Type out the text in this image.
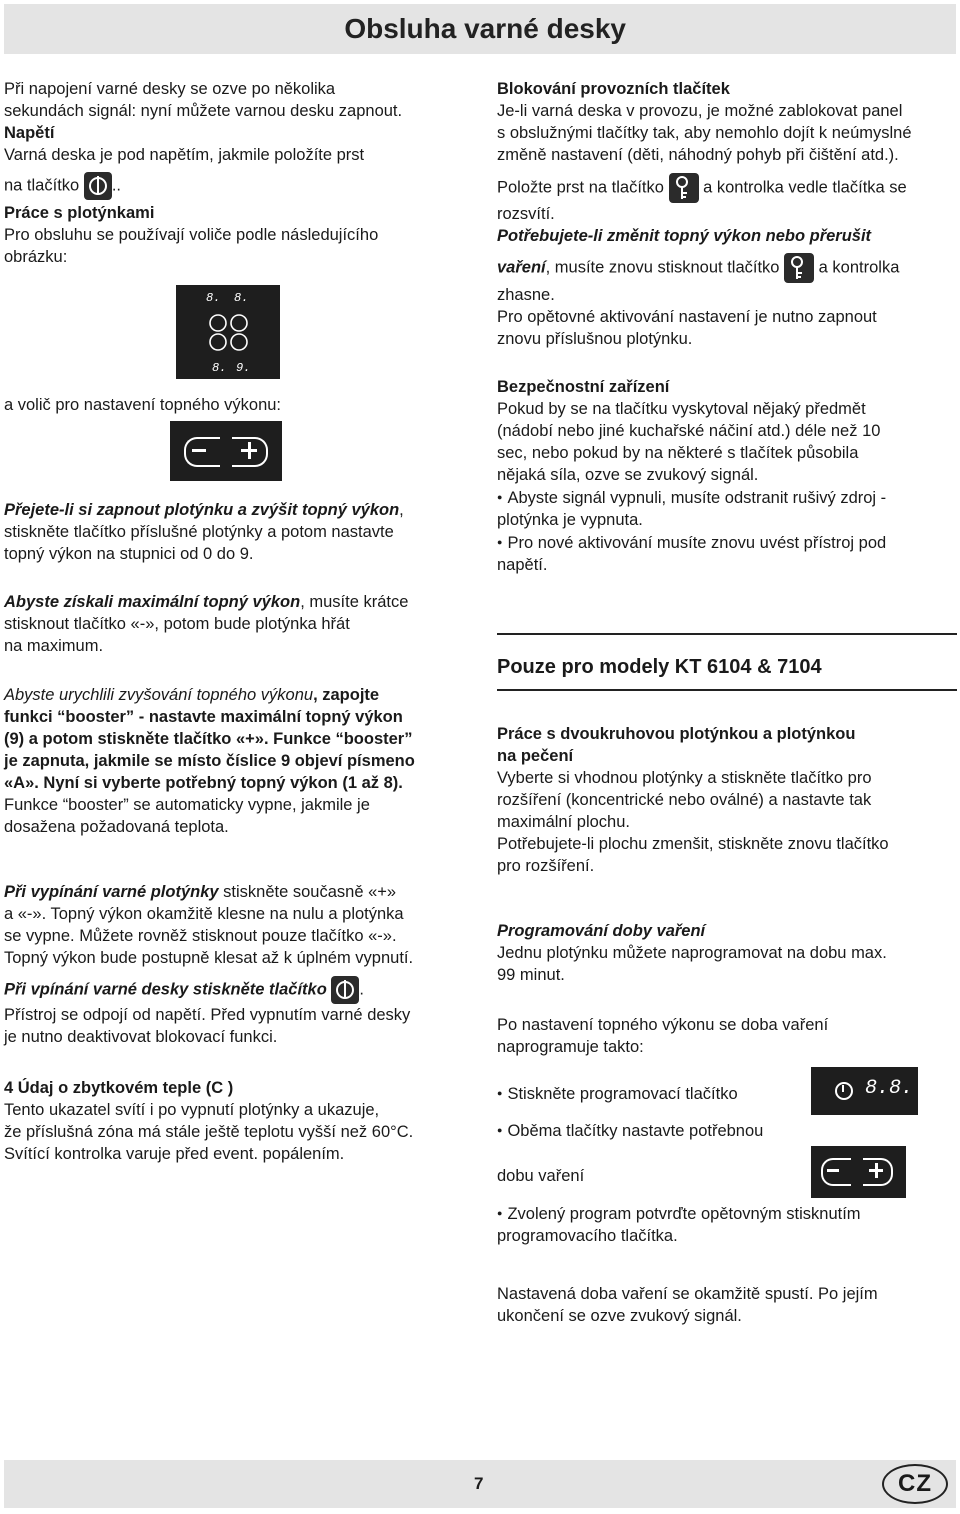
Obsluha varné desky

Při napojení varné desky se ozve po několika

sekundách signál: nyní můžete varnou desku zapnout.

Napětí

Varná deska je pod napětím, jakmile položíte prst

na tlačítko ..

Práce s plotýnkami

Pro obsluhu se používají voliče podle následujícího

obrázku:

8. 8.
8. 9.

a volič pro nastavení topného výkonu:

Přejete-li si zapnout plotýnku a zvýšit topný výkon,

stiskněte tlačítko příslušné plotýnky a potom nastavte

topný výkon na stupnici od 0 do 9.

Abyste získali maximální topný výkon, musíte krátce

stisknout tlačítko «-», potom bude plotýnka hřát

na maximum.

Abyste urychlili zvyšování topného výkonu, zapojte

funkci “booster” - nastavte maximální topný výkon

(9) a potom stiskněte tlačítko «+». Funkce “booster”

je zapnuta, jakmile se místo číslice 9 objeví písmeno

«A». Nyní si vyberte potřebný topný výkon (1 až 8).

Funkce “booster” se automaticky vypne, jakmile je

dosažena požadovaná teplota.

Při vypínání varné plotýnky stiskněte současně «+»

a «-». Topný výkon okamžitě klesne na nulu a plotýnka

se vypne. Můžete rovněž stisknout pouze tlačítko «-».

Topný výkon bude postupně klesat až k úplném vypnutí.

Při vpínání varné desky stiskněte tlačítko .

Přístroj se odpojí od napětí. Před vypnutím varné desky

je nutno deaktivovat blokovací funkci.

4 Údaj o zbytkovém teple (C )

Tento ukazatel svítí i po vypnutí plotýnky a ukazuje,

že příslušná zóna má stále ještě teplotu vyšší než 60°C.

Svítící kontrolka varuje před event. popálením.

Blokování provozních tlačítek

Je-li varná deska v provozu, je možné zablokovat panel

s obslužnými tlačítky tak, aby nemohlo dojít k neúmyslné

změně nastavení (děti, náhodný pohyb při čištění atd.).

Položte prst na tlačítko a kontrolka vedle tlačítka se

rozsvítí.

Potřebujete-li změnit topný výkon nebo přerušit

vaření, musíte znovu stisknout tlačítko a kontrolka

zhasne.

Pro opětovné aktivování nastavení je nutno zapnout

znovu příslušnou plotýnku.

Bezpečnostní zařízení

Pokud by se na tlačítku vyskytoval nějaký předmět

(nádobí nebo jiné kuchařské náčiní atd.) déle než 10

sec, nebo pokud by na některé s tlačítek působila

nějaká síla, ozve se zvukový signál.

● Abyste signál vypnuli, musíte odstranit rušivý zdroj -

plotýnka je vypnuta.

● Pro nové aktivování musíte znovu uvést přístroj pod

napětí.

Pouze pro modely KT 6104 & 7104

Práce s dvoukruhovou plotýnkou a plotýnkou

na pečení

Vyberte si vhodnou plotýnky a stiskněte tlačítko pro

rozšíření (koncentrické nebo oválné) a nastavte tak

maximální plochu.

Potřebujete-li plochu zmenšit, stiskněte znovu tlačítko

pro rozšíření.

Programování doby vaření

Jednu plotýnku můžete naprogramovat na dobu max.

99 minut.

Po nastavení topného výkonu se doba vaření

naprogramuje takto:

● Stiskněte programovací tlačítko	8.8.

● Oběma tlačítky nastavte potřebnou

dobu vaření

● Zvolený program potvrďte opětovným stisknutím

programovacího tlačítka.

Nastavená doba vaření se okamžitě spustí. Po jejím

ukončení se ozve zvukový signál.

7	CZ
